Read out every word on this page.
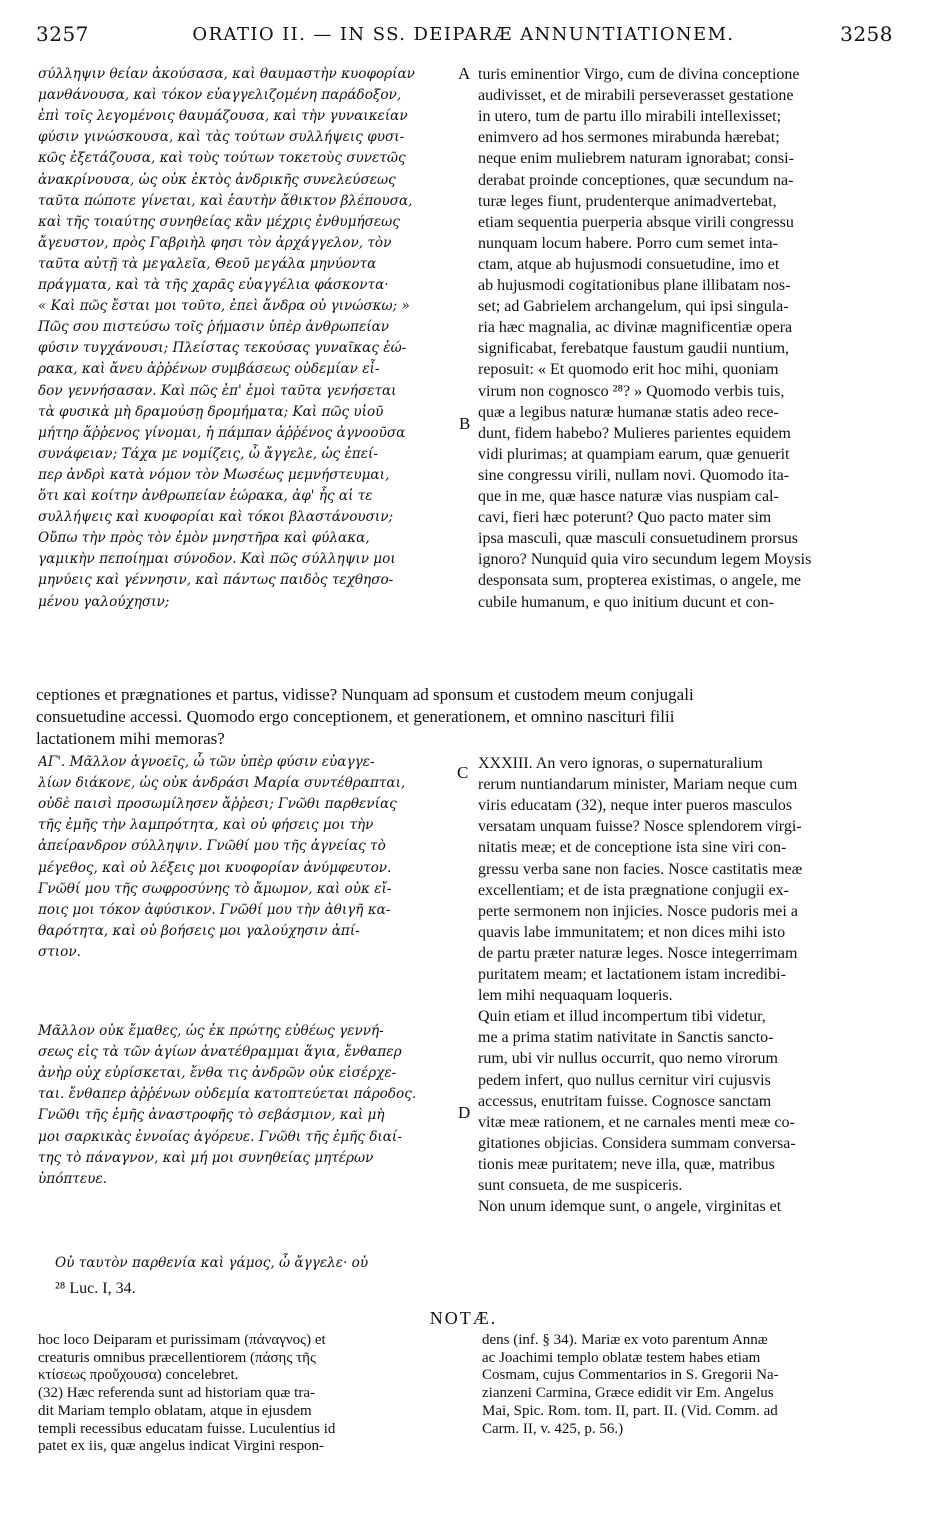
3257	ORATIO II. — IN SS. DEIPARÆ ANNUNTIATIONEM.	3258
A
B
C
D
σύλληψιν θείαν ἀκούσασα, καὶ θαυμαστὴν κυοφορίαν
μανθάνουσα, καὶ τόκον εὐαγγελιζομένη παράδοξον,
ἐπὶ τοῖς λεγομένοις θαυμάζουσα, καὶ τὴν γυναικείαν
φύσιν γινώσκουσα, καὶ τὰς τούτων συλλήψεις φυσι-
κῶς ἐξετάζουσα, καὶ τοὺς τούτων τοκετοὺς συνετῶς
ἀνακρίνουσα, ὡς οὐκ ἐκτὸς ἀνδρικῆς συνελεύσεως
ταῦτα πώποτε γίνεται, καὶ ἑαυτὴν ἄθικτον βλέπουσα,
καὶ τῆς τοιαύτης συνηθείας κἂν μέχρις ἐνθυμήσεως
ἄγευστον, πρὸς Γαβριὴλ φησι τὸν ἀρχάγγελον, τὸν
ταῦτα αὐτῇ τὰ μεγαλεῖα, Θεοῦ μεγάλα μηνύοντα
πράγματα, καὶ τὰ τῆς χαρᾶς εὐαγγέλια φάσκοντα·
« Καὶ πῶς ἔσται μοι τοῦτο, ἐπεὶ ἄνδρα οὐ γινώσκω; »
Πῶς σου πιστεύσω τοῖς ῥήμασιν ὑπὲρ ἀνθρωπείαν
φύσιν τυγχάνουσι; Πλείστας τεκούσας γυναῖκας ἑώ-
ρακα, καὶ ἄνευ ἀῤῥένων συμβάσεως οὐδεμίαν εἶ-
δον γεννήσασαν. Καὶ πῶς ἐπ' ἐμοὶ ταῦτα γενήσεται
τὰ φυσικὰ μὴ δραμούσῃ δρομήματα; Καὶ πῶς υἱοῦ
μήτηρ ἄῤῥενος γίνομαι, ἡ πάμπαν ἀῤῥένος ἀγνοοῦσα
συνάφειαν; Τάχα με νομίζεις, ὦ ἄγγελε, ὡς ἐπεί-
περ ἀνδρὶ κατὰ νόμον τὸν Μωσέως μεμνήστευμαι,
ὅτι καὶ κοίτην ἀνθρωπείαν ἑώρακα, ἀφ' ἧς αἱ τε
συλλήψεις καὶ κυοφορίαι καὶ τόκοι βλαστάνουσιν;
Οὔπω τὴν πρὸς τὸν ἐμὸν μνηστῆρα καὶ φύλακα,
γαμικὴν πεποίημαι σύνοδον. Καὶ πῶς σύλληψιν μοι
μηνύεις καὶ γέννησιν, καὶ πάντως παιδὸς τεχθησο-
μένου γαλούχησιν;
turis eminentior Virgo, cum de divina conceptione
audivisset, et de mirabili perseverasset gestatione
in utero, tum de partu illo mirabili intellexisset;
enimvero ad hos sermones mirabunda hærebat;
neque enim muliebrem naturam ignorabat; consi-
derabat proinde conceptiones, quæ secundum na-
turæ leges fiunt, prudenterque animadvertebat,
etiam sequentia puerperia absque virili congressu
nunquam locum habere. Porro cum semet inta-
ctam, atque ab hujusmodi consuetudine, imo et
ab hujusmodi cogitationibus plane illibatam nos-
set; ad Gabrielem archangelum, qui ipsi singula-
ria hæc magnalia, ac divinæ magnificentiæ opera
significabat, ferebatque faustum gaudii nuntium,
reposuit: « Et quomodo erit hoc mihi, quoniam
virum non cognosco ²⁸? » Quomodo verbis tuis,
quæ a legibus naturæ humanæ statis adeo rece-
dunt, fidem habebo? Mulieres parientes equidem
vidi plurimas; at quampiam earum, quæ genuerit
sine congressu virili, nullam novi. Quomodo ita-
que in me, quæ hasce naturæ vias nuspiam cal-
cavi, fieri hæc poterunt? Quo pacto mater sim
ipsa masculi, quæ masculi consuetudinem prorsus
ignoro? Nunquid quia viro secundum legem Moysis
desponsata sum, propterea existimas, o angele, me
cubile humanum, e quo initium ducunt et con-
ceptiones et prægnationes et partus, vidisse? Nunquam ad sponsum et custodem meum conjugali
consuetudine accessi. Quomodo ergo conceptionem, et generationem, et omnino nascituri filii
lactationem mihi memoras?
ΑΓ'. Μᾶλλον ἀγνοεῖς, ὦ τῶν ὑπὲρ φύσιν εὐαγγε-
λίων διάκονε, ὡς οὐκ ἀνδράσι Μαρία συντέθραπται,
οὐδὲ παισὶ προσωμίλησεν ἄῤῥεσι; Γνῶθι παρθενίας
τῆς ἐμῆς τὴν λαμπρότητα, καὶ οὐ φήσεις μοι τὴν
ἀπείρανδρον σύλληψιν. Γνῶθί μου τῆς ἁγνείας τὸ
μέγεθος, καὶ οὐ λέξεις μοι κυοφορίαν ἀνύμφευτον.
Γνῶθί μου τῆς σωφροσύνης τὸ ἄμωμον, καὶ οὐκ εἴ-
ποις μοι τόκον ἀφύσικον. Γνῶθί μου τὴν ἀθιγῆ κα-
θαρότητα, καὶ οὐ βοήσεις μοι γαλούχησιν ἀπί-
στιον.
Μᾶλλον οὐκ ἔμαθες, ὡς ἐκ πρώτης εὐθέως γεννή-
σεως εἰς τὰ τῶν ἁγίων ἀνατέθραμμαι ἅγια, ἔνθαπερ
ἀνὴρ οὐχ εὑρίσκεται, ἔνθα τις ἀνδρῶν οὐκ εἰσέρχε-
ται. ἔνθαπερ ἀῤῥένων οὐδεμία κατοπτεύεται πάροδος.
Γνῶθι τῆς ἐμῆς ἀναστροφῆς τὸ σεβάσμιον, καὶ μὴ
μοι σαρκικὰς ἐννοίας ἀγόρευε. Γνῶθι τῆς ἐμῆς διαί-
της τὸ πάναγνον, καὶ μή μοι συνηθείας μητέρων
ὑπόπτευε.
Οὐ ταυτὸν παρθενία καὶ γάμος, ὦ ἄγγελε· οὐ
²⁸ Luc. I, 34.
XXXIII. An vero ignoras, o supernaturalium
rerum nuntiandarum minister, Mariam neque cum
viris educatam (32), neque inter pueros masculos
versatam unquam fuisse? Nosce splendorem virgi-
nitatis meæ; et de conceptione ista sine viri con-
gressu verba sane non facies. Nosce castitatis meæ
excellentiam; et de ista prægnatione conjugii ex-
perte sermonem non injicies. Nosce pudoris mei a
quavis labe immunitatem; et non dices mihi isto
de partu præter naturæ leges. Nosce integerrimam
puritatem meam; et lactationem istam incredibi-
lem mihi nequaquam loqueris.
Quin etiam et illud incompertum tibi videtur,
me a prima statim nativitate in Sanctis sancto-
rum, ubi vir nullus occurrit, quo nemo virorum
pedem infert, quo nullus cernitur viri cujusvis
accessus, enutritam fuisse. Cognosce sanctam
vitæ meæ rationem, et ne carnales menti meæ co-
gitationes objicias. Considera summam conversa-
tionis meæ puritatem; neve illa, quæ, matribus
sunt consueta, de me suspiceris.
Non unum idemque sunt, o angele, virginitas et
NOTÆ.
hoc loco Deiparam et purissimam (πάναγνος) et
creaturis omnibus præcellentiorem (πάσης τῆς
κτίσεως προὔχουσα) concelebret.
(32) Hæc referenda sunt ad historiam quæ tra-
dit Mariam templo oblatam, atque in ejusdem
templi recessibus educatam fuisse. Luculentius id
patet ex iis, quæ angelus indicat Virgini respon-
dens (inf. § 34). Mariæ ex voto parentum Annæ
ac Joachimi templo oblatæ testem habes etiam
Cosmam, cujus Commentarios in S. Gregorii Na-
zianzeni Carmina, Græce edidit vir Em. Angelus
Mai, Spic. Rom. tom. II, part. II. (Vid. Comm. ad
Carm. II, v. 425, p. 56.)
